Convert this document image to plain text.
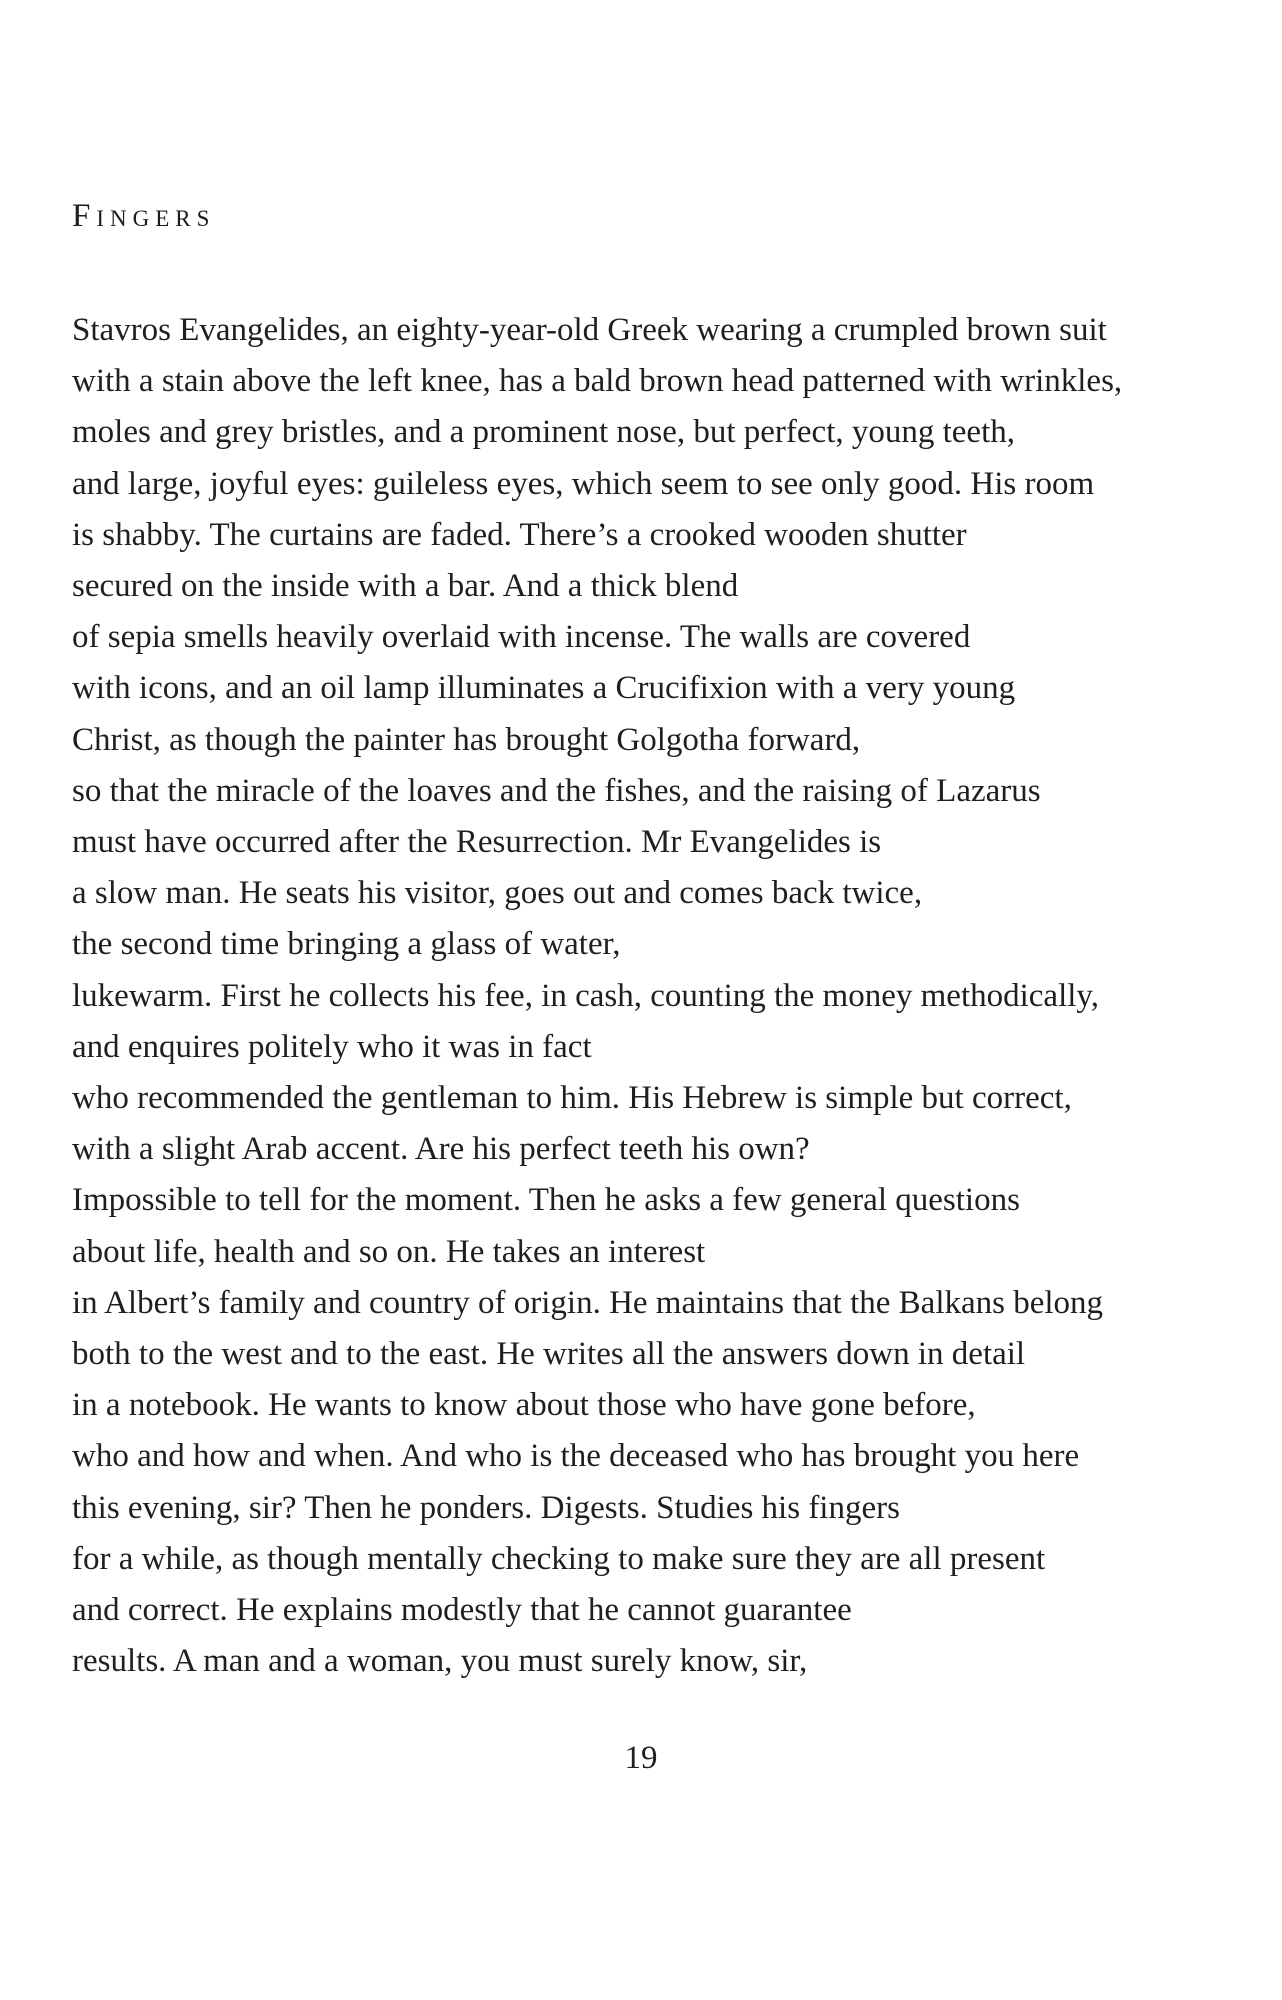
Fingers
Stavros Evangelides, an eighty-year-old Greek wearing a crumpled brown suit
with a stain above the left knee, has a bald brown head patterned with wrinkles,
moles and grey bristles, and a prominent nose, but perfect, young teeth,
and large, joyful eyes: guileless eyes, which seem to see only good. His room
is shabby. The curtains are faded. There’s a crooked wooden shutter
secured on the inside with a bar. And a thick blend
of sepia smells heavily overlaid with incense. The walls are covered
with icons, and an oil lamp illuminates a Crucifixion with a very young
Christ, as though the painter has brought Golgotha forward,
so that the miracle of the loaves and the fishes, and the raising of Lazarus
must have occurred after the Resurrection. Mr Evangelides is
a slow man. He seats his visitor, goes out and comes back twice,
the second time bringing a glass of water,
lukewarm. First he collects his fee, in cash, counting the money methodically,
and enquires politely who it was in fact
who recommended the gentleman to him. His Hebrew is simple but correct,
with a slight Arab accent. Are his perfect teeth his own?
Impossible to tell for the moment. Then he asks a few general questions
about life, health and so on. He takes an interest
in Albert’s family and country of origin. He maintains that the Balkans belong
both to the west and to the east. He writes all the answers down in detail
in a notebook. He wants to know about those who have gone before,
who and how and when. And who is the deceased who has brought you here
this evening, sir? Then he ponders. Digests. Studies his fingers
for a while, as though mentally checking to make sure they are all present
and correct. He explains modestly that he cannot guarantee
results. A man and a woman, you must surely know, sir,
19
